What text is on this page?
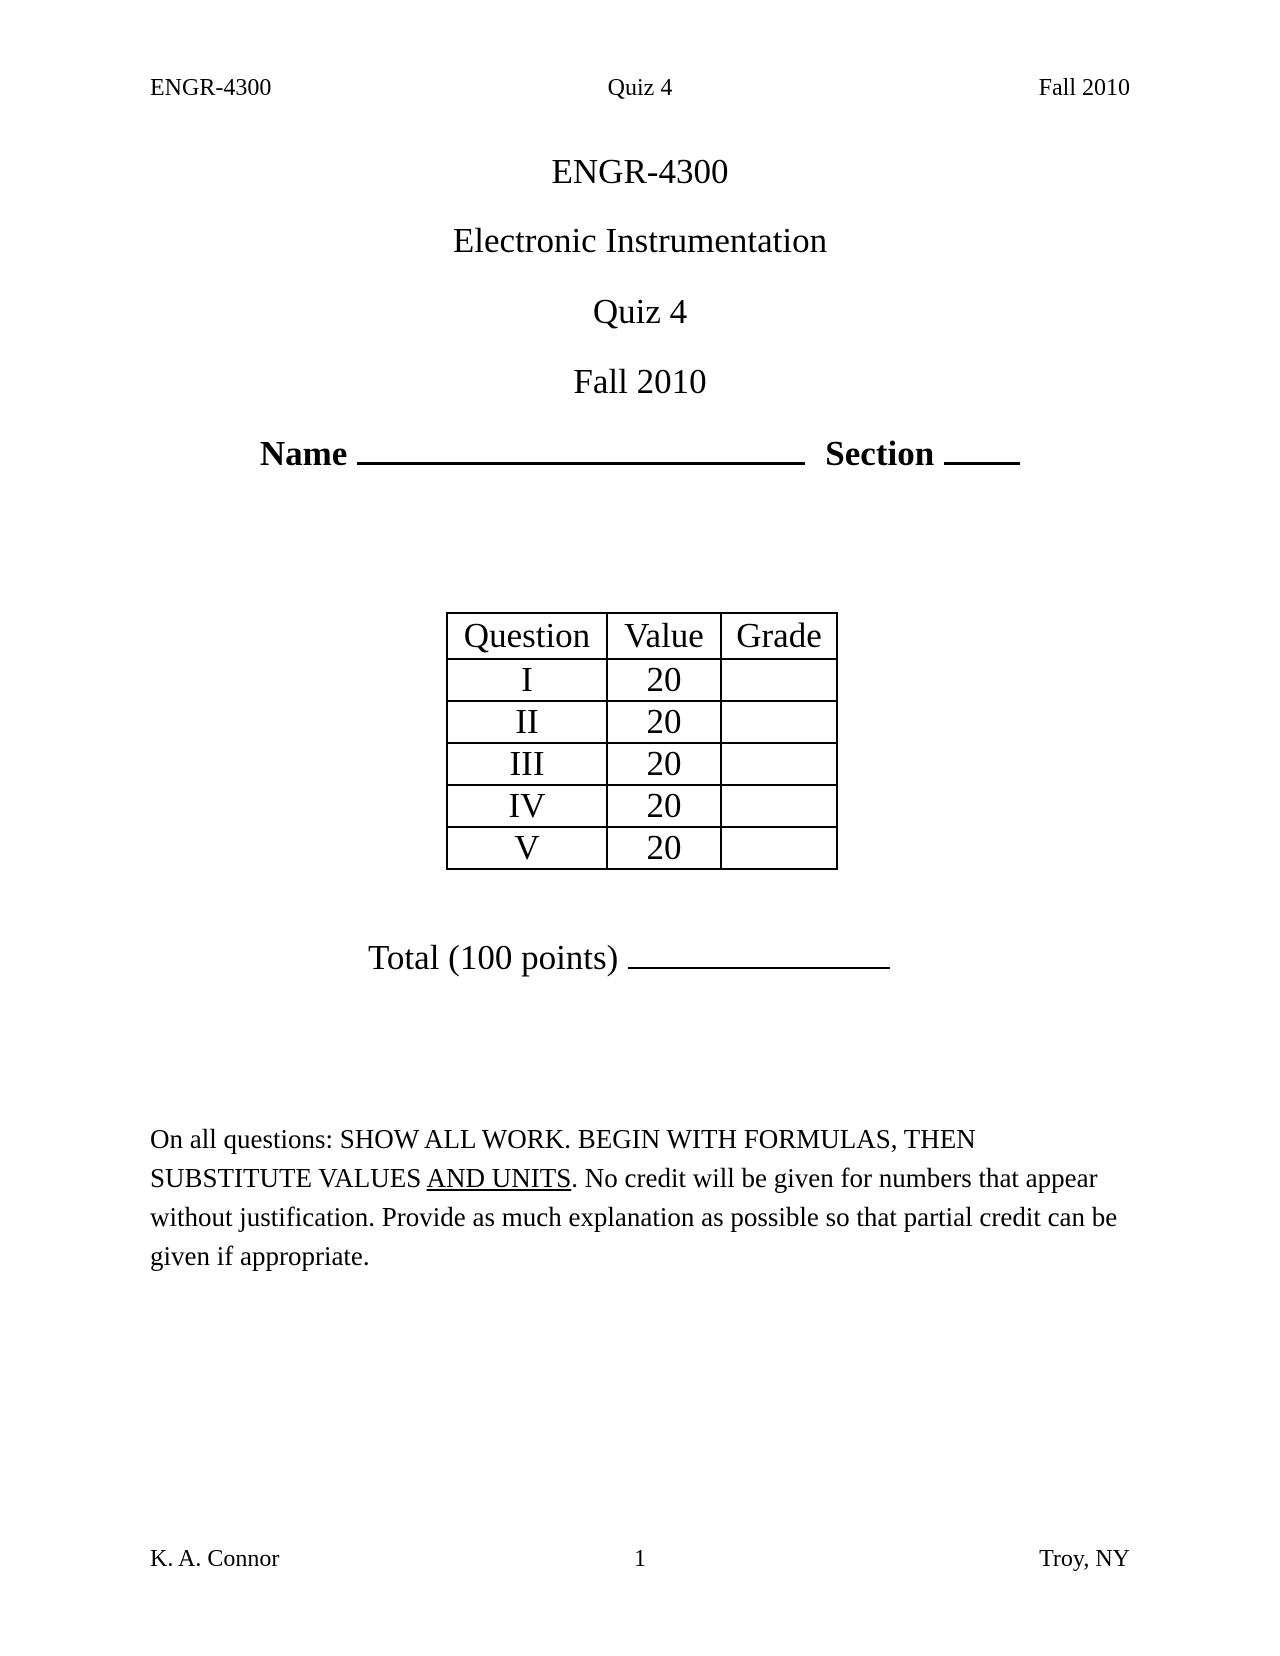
ENGR-4300	Quiz 4	Fall 2010
ENGR-4300
Electronic Instrumentation
Quiz 4
Fall 2010
Name	Section
Question	Value	Grade
I	20	
II	20	
III	20	
IV	20	
V	20	
Total (100 points)
On all questions: SHOW ALL WORK. BEGIN WITH FORMULAS, THEN SUBSTITUTE VALUES AND UNITS. No credit will be given for numbers that appear without justification. Provide as much explanation as possible so that partial credit can be given if appropriate.
K. A. Connor	1	Troy, NY
